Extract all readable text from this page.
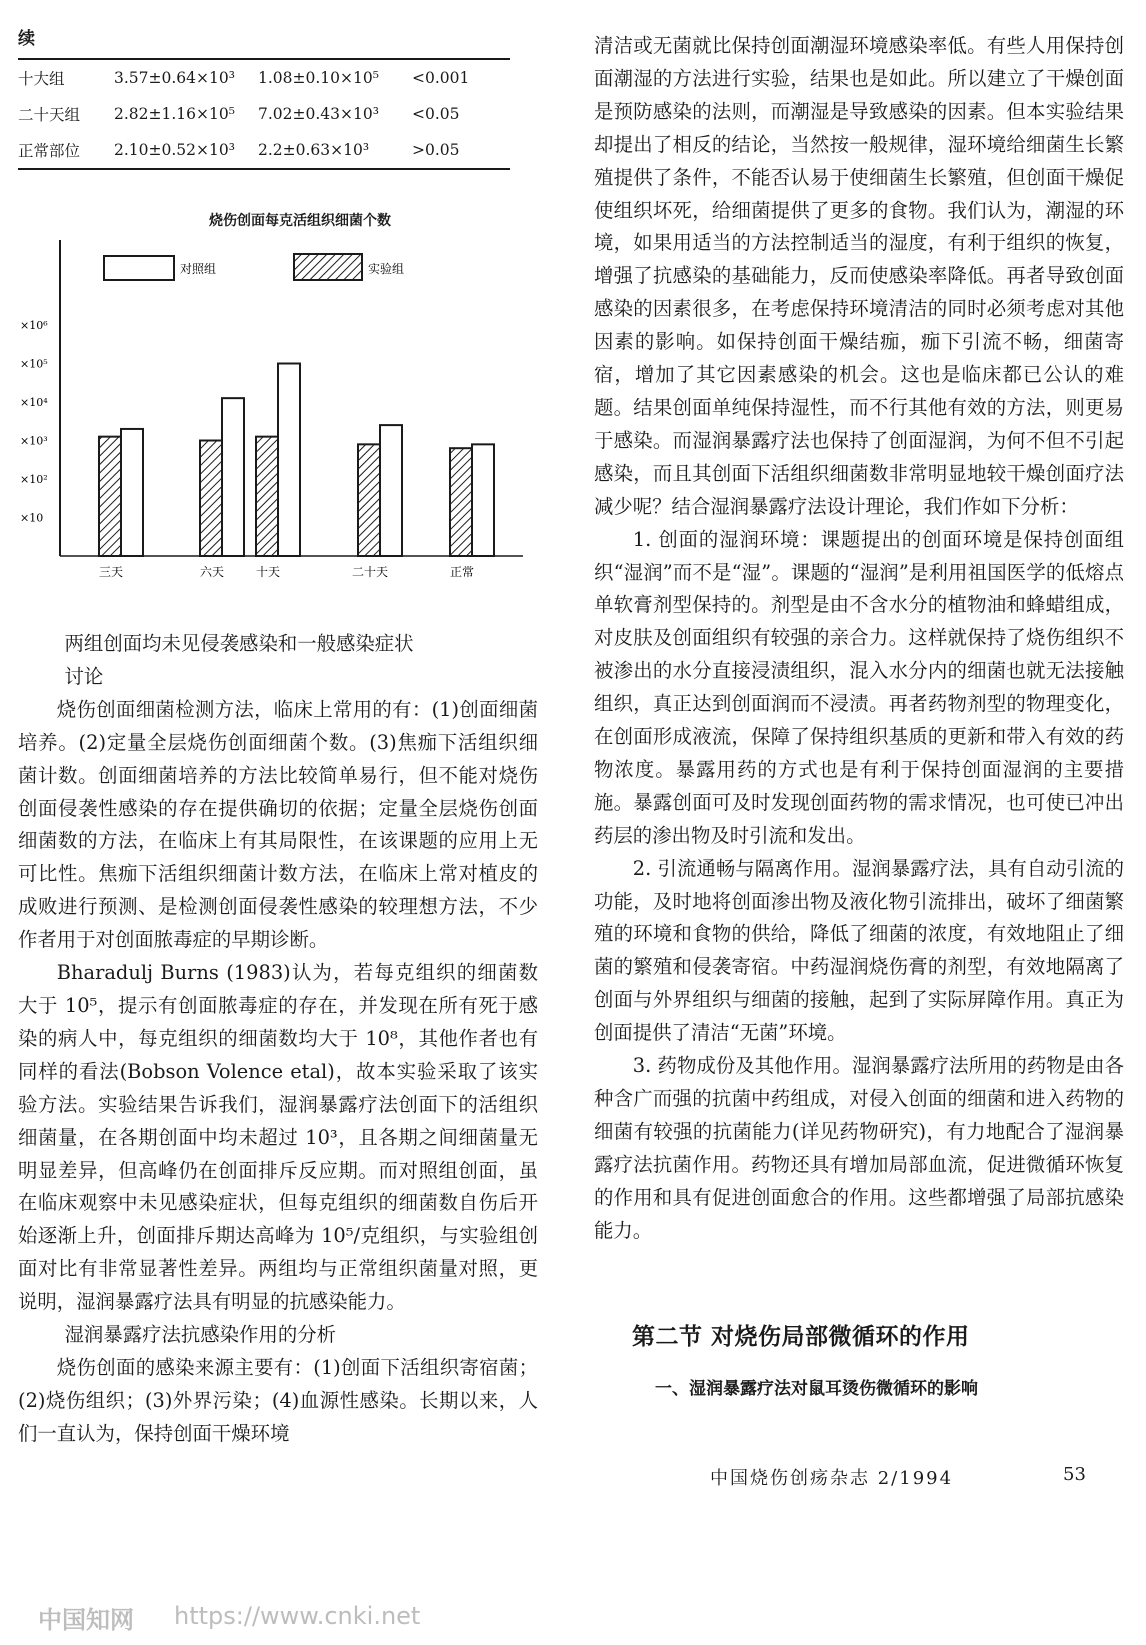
续
十大组	3.57±0.64×10³	1.08±0.10×10⁵	<0.001
二十天组	2.82±1.16×10⁵	7.02±0.43×10³	<0.05
正常部位	2.10±0.52×10³	2.2±0.63×10³	>0.05
烧伤创面每克活组织细菌个数
对照组	实验组
×10
×10²
×10³
×10⁴
×10⁵
×10⁶
三天	六天	十天	二十天	正常

两组创面均未见侵袭感染和一般感染症状

讨论

烧伤创面细菌检测方法，临床上常用的有：(1)创面细菌培养。(2)定量全层烧伤创面细菌个数。(3)焦痂下活组织细菌计数。创面细菌培养的方法比较简单易行，但不能对烧伤创面侵袭性感染的存在提供确切的依据；定量全层烧伤创面细菌数的方法，在临床上有其局限性，在该课题的应用上无可比性。焦痂下活组织细菌计数方法，在临床上常对植皮的成败进行预测、是检测创面侵袭性感染的较理想方法，不少作者用于对创面脓毒症的早期诊断。

Bharadulj Burns (1983)认为，若每克组织的细菌数大于 10⁵，提示有创面脓毒症的存在，并发现在所有死于感染的病人中，每克组织的细菌数均大于 10⁸，其他作者也有同样的看法(Bobson Volence etal)，故本实验采取了该实验方法。实验结果告诉我们，湿润暴露疗法创面下的活组织细菌量，在各期创面中均未超过 10³，且各期之间细菌量无明显差异，但高峰仍在创面排斥反应期。而对照组创面，虽在临床观察中未见感染症状，但每克组织的细菌数自伤后开始逐渐上升，创面排斥期达高峰为 10⁵/克组织，与实验组创面对比有非常显著性差异。两组均与正常组织菌量对照，更说明，湿润暴露疗法具有明显的抗感染能力。

湿润暴露疗法抗感染作用的分析

烧伤创面的感染来源主要有：(1)创面下活组织寄宿菌；(2)烧伤组织；(3)外界污染；(4)血源性感染。长期以来，人们一直认为，保持创面干燥环境

清洁或无菌就比保持创面潮湿环境感染率低。有些人用保持创面潮湿的方法进行实验，结果也是如此。所以建立了干燥创面是预防感染的法则，而潮湿是导致感染的因素。但本实验结果却提出了相反的结论，当然按一般规律，湿环境给细菌生长繁殖提供了条件，不能否认易于使细菌生长繁殖，但创面干燥促使组织坏死，给细菌提供了更多的食物。我们认为，潮湿的环境，如果用适当的方法控制适当的湿度，有利于组织的恢复，增强了抗感染的基础能力，反而使感染率降低。再者导致创面感染的因素很多，在考虑保持环境清洁的同时必须考虑对其他因素的影响。如保持创面干燥结痂，痂下引流不畅，细菌寄宿，增加了其它因素感染的机会。这也是临床都已公认的难题。结果创面单纯保持湿性，而不行其他有效的方法，则更易于感染。而湿润暴露疗法也保持了创面湿润，为何不但不引起感染，而且其创面下活组织细菌数非常明显地较干燥创面疗法减少呢？结合湿润暴露疗法设计理论，我们作如下分析：

1. 创面的湿润环境：课题提出的创面环境是保持创面组织“湿润”而不是“湿”。课题的“湿润”是利用祖国医学的低熔点单软膏剂型保持的。剂型是由不含水分的植物油和蜂蜡组成，对皮肤及创面组织有较强的亲合力。这样就保持了烧伤组织不被渗出的水分直接浸渍组织，混入水分内的细菌也就无法接触组织，真正达到创面润而不浸渍。再者药物剂型的物理变化，在创面形成液流，保障了保持组织基质的更新和带入有效的药物浓度。暴露用药的方式也是有利于保持创面湿润的主要措施。暴露创面可及时发现创面药物的需求情况，也可使已冲出药层的渗出物及时引流和发出。

2. 引流通畅与隔离作用。湿润暴露疗法，具有自动引流的功能，及时地将创面渗出物及液化物引流排出，破坏了细菌繁殖的环境和食物的供给，降低了细菌的浓度，有效地阻止了细菌的繁殖和侵袭寄宿。中药湿润烧伤膏的剂型，有效地隔离了创面与外界组织与细菌的接触，起到了实际屏障作用。真正为创面提供了清洁“无菌”环境。

3. 药物成份及其他作用。湿润暴露疗法所用的药物是由各种含广而强的抗菌中药组成，对侵入创面的细菌和进入药物的细菌有较强的抗菌能力(详见药物研究)，有力地配合了湿润暴露疗法抗菌作用。药物还具有增加局部血流，促进微循环恢复的作用和具有促进创面愈合的作用。这些都增强了局部抗感染能力。

第二节 对烧伤局部微循环的作用
一、湿润暴露疗法对鼠耳烫伤微循环的影响
中国烧伤创疡杂志 2/1994	53
中国知网 https://www.cnki.net
